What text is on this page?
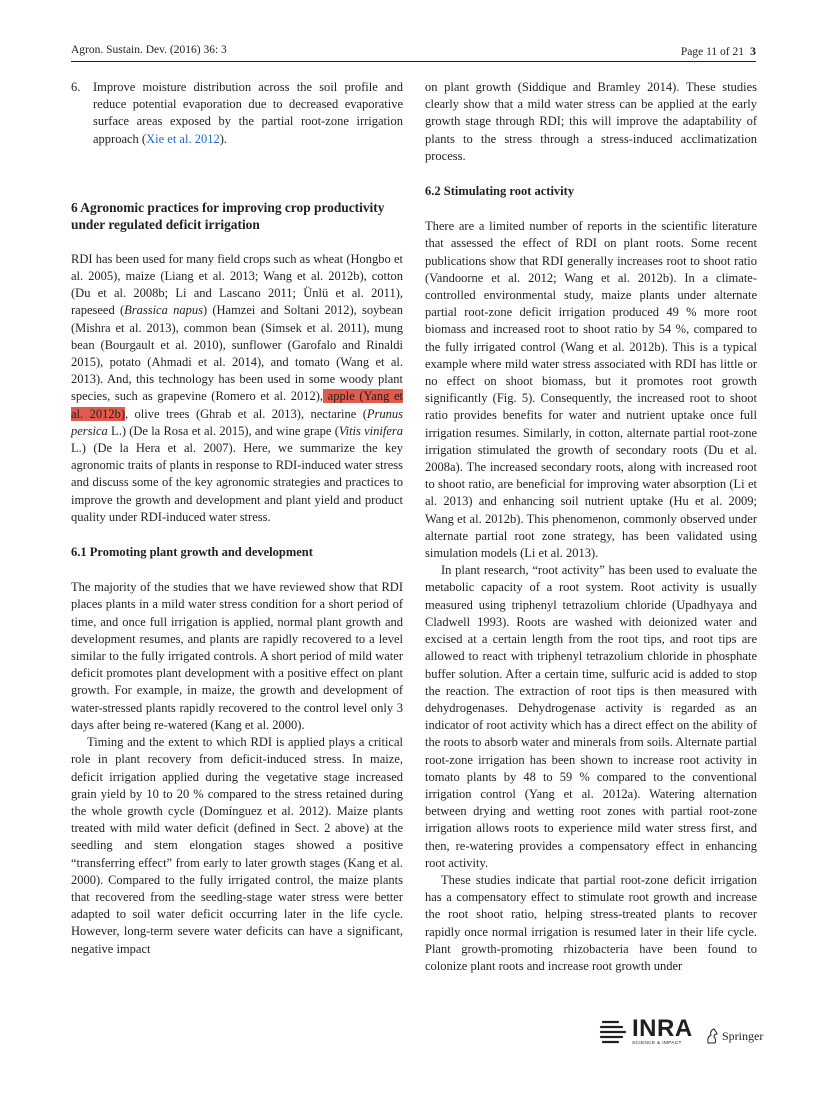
Agron. Sustain. Dev. (2016) 36: 3	Page 11 of 21 3
6.	Improve moisture distribution across the soil profile and reduce potential evaporation due to decreased evaporative surface areas exposed by the partial root-zone irrigation approach (Xie et al. 2012).
6 Agronomic practices for improving crop productivity under regulated deficit irrigation

RDI has been used for many field crops such as wheat (Hongbo et al. 2005), maize (Liang et al. 2013; Wang et al. 2012b), cotton (Du et al. 2008b; Li and Lascano 2011; Ünlü et al. 2011), rapeseed (Brassica napus) (Hamzei and Soltani 2012), soybean (Mishra et al. 2013), common bean (Simsek et al. 2011), mung bean (Bourgault et al. 2010), sunflower (Garofalo and Rinaldi 2015), potato (Ahmadi et al. 2014), and tomato (Wang et al. 2013). And, this technology has been used in some woody plant species, such as grapevine (Romero et al. 2012), apple (Yang et al. 2012b), olive trees (Ghrab et al. 2013), nectarine (Prunus persica L.) (De la Rosa et al. 2015), and wine grape (Vitis vinifera L.) (De la Hera et al. 2007). Here, we summarize the key agronomic traits of plants in response to RDI-induced water stress and discuss some of the key agronomic strategies and practices to improve the growth and development and plant yield and product quality under RDI-induced water stress.

6.1 Promoting plant growth and development

The majority of the studies that we have reviewed show that RDI places plants in a mild water stress condition for a short period of time, and once full irrigation is applied, normal plant growth and development resumes, and plants are rapidly recovered to a level similar to the fully irrigated controls. A short period of mild water deficit promotes plant development with a positive effect on plant growth. For example, in maize, the growth and development of water-stressed plants rapidly recovered to the control level only 3 days after being re-watered (Kang et al. 2000).

Timing and the extent to which RDI is applied plays a critical role in plant recovery from deficit-induced stress. In maize, deficit irrigation applied during the vegetative stage increased grain yield by 10 to 20 % compared to the stress retained during the whole growth cycle (Domínguez et al. 2012). Maize plants treated with mild water deficit (defined in Sect. 2 above) at the seedling and stem elongation stages showed a positive “transferring effect” from early to later growth stages (Kang et al. 2000). Compared to the fully irrigated control, the maize plants that recovered from the seedling-stage water stress were better adapted to soil water deficit occurring later in the life cycle. However, long-term severe water deficits can have a significant, negative impact

on plant growth (Siddique and Bramley 2014). These studies clearly show that a mild water stress can be applied at the early growth stage through RDI; this will improve the adaptability of plants to the stress through a stress-induced acclimatization process.

6.2 Stimulating root activity

There are a limited number of reports in the scientific literature that assessed the effect of RDI on plant roots. Some recent publications show that RDI generally increases root to shoot ratio (Vandoorne et al. 2012; Wang et al. 2012b). In a climate-controlled environmental study, maize plants under alternate partial root-zone deficit irrigation produced 49 % more root biomass and increased root to shoot ratio by 54 %, compared to the fully irrigated control (Wang et al. 2012b). This is a typical example where mild water stress associated with RDI has little or no effect on shoot biomass, but it promotes root growth significantly (Fig. 5). Consequently, the increased root to shoot ratio provides benefits for water and nutrient uptake once full irrigation resumes. Similarly, in cotton, alternate partial root-zone irrigation stimulated the growth of secondary roots (Du et al. 2008a). The increased secondary roots, along with increased root to shoot ratio, are beneficial for improving water absorption (Li et al. 2013) and enhancing soil nutrient uptake (Hu et al. 2009; Wang et al. 2012b). This phenomenon, commonly observed under alternate partial root zone strategy, has been validated using simulation models (Li et al. 2013).

In plant research, “root activity” has been used to evaluate the metabolic capacity of a root system. Root activity is usually measured using triphenyl tetrazolium chloride (Upadhyaya and Cladwell 1993). Roots are washed with deionized water and excised at a certain length from the root tips, and root tips are allowed to react with triphenyl tetrazolium chloride in phosphate buffer solution. After a certain time, sulfuric acid is added to stop the reaction. The extraction of root tips is then measured with dehydrogenases. Dehydrogenase activity is regarded as an indicator of root activity which has a direct effect on the ability of the roots to absorb water and minerals from soils. Alternate partial root-zone irrigation has been shown to increase root activity in tomato plants by 48 to 59 % compared to the conventional irrigation control (Yang et al. 2012a). Watering alternation between drying and wetting root zones with partial root-zone irrigation allows roots to experience mild water stress first, and then, re-watering provides a compensatory effect in enhancing root activity.

These studies indicate that partial root-zone deficit irrigation has a compensatory effect to stimulate root growth and increase the root shoot ratio, helping stress-treated plants to recover rapidly once normal irrigation is resumed later in their life cycle. Plant growth-promoting rhizobacteria have been found to colonize plant roots and increase root growth under

INRA
SCIENCE & IMPACT
Springer
